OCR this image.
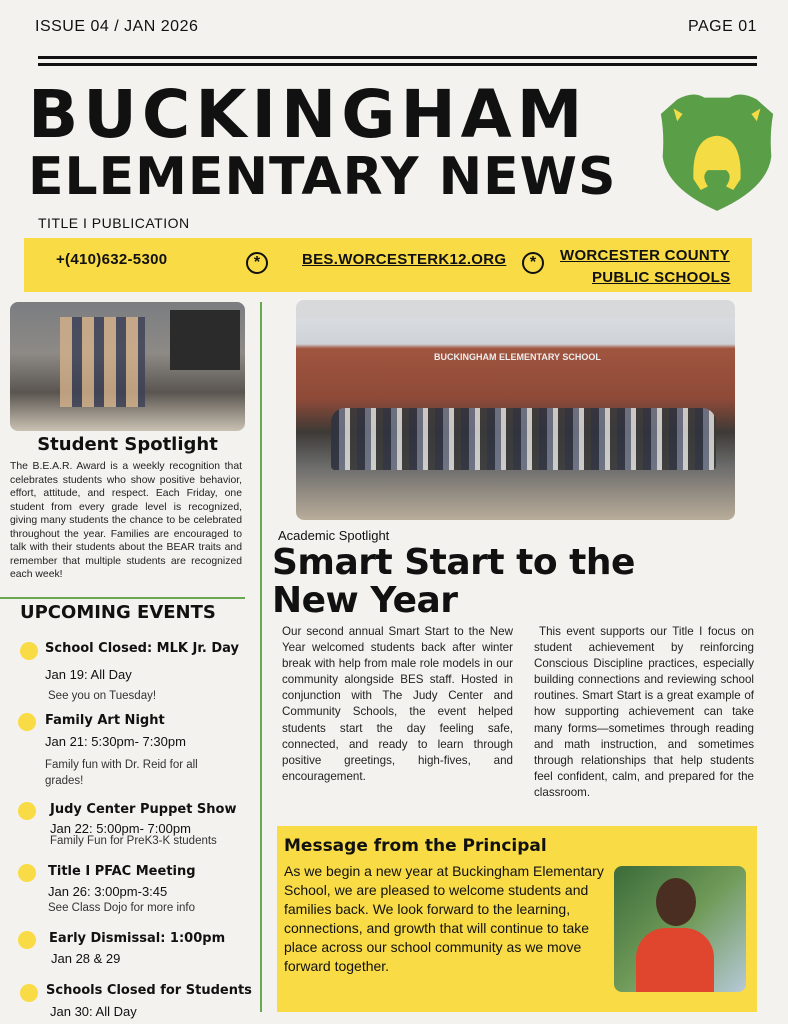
ISSUE 04 / JAN 2026	PAGE 01
BUCKINGHAM
ELEMENTARY NEWS
TITLE I PUBLICATION
+(410)632-5300	*	BES.WORCESTERK12.ORG	*	WORCESTER COUNTY
PUBLIC SCHOOLS
Student Spotlight
The B.E.A.R. Award is a weekly recognition that celebrates students who show positive behavior, effort, attitude, and respect. Each Friday, one student from every grade level is recognized, giving many students the chance to be celebrated throughout the year. Families are encouraged to talk with their students about the BEAR traits and remember that multiple students are recognized each week!
UPCOMING EVENTS
School Closed: MLK Jr. Day
Jan 19: All Day
See you on Tuesday!
Family Art Night
Jan 21: 5:30pm- 7:30pm
Family fun with Dr. Reid for all grades!
Judy Center Puppet Show
Jan 22: 5:00pm- 7:00pm
Family Fun for PreK3-K students
Title I PFAC Meeting
Jan 26: 3:00pm-3:45
See Class Dojo for more info
Early Dismissal: 1:00pm
Jan 28 & 29
Schools Closed for Students
Jan 30: All Day
BUCKINGHAM ELEMENTARY SCHOOL
Academic Spotlight
Smart Start to the New Year
Our second annual Smart Start to the New Year welcomed students back after winter break with help from male role models in our community alongside BES staff. Hosted in conjunction with The Judy Center and Community Schools, the event helped students start the day feeling safe, connected, and ready to learn through positive greetings, high-fives, and encouragement.
This event supports our Title I focus on student achievement by reinforcing Conscious Discipline practices, especially building connections and reviewing school routines. Smart Start is a great example of how supporting achievement can take many forms—sometimes through reading and math instruction, and sometimes through relationships that help students feel confident, calm, and prepared for the classroom.
Message from the Principal
As we begin a new year at Buckingham Elementary School, we are pleased to welcome students and families back. We look forward to the learning, connections, and growth that will continue to take place across our school community as we move forward together.
